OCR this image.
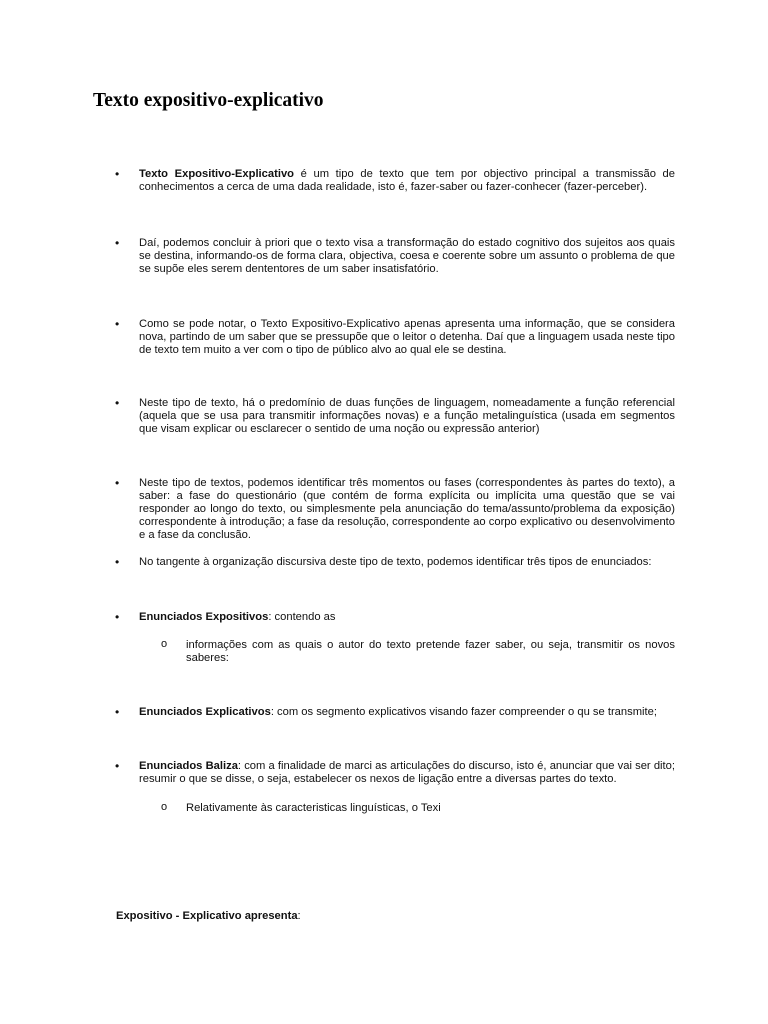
Texto expositivo-explicativo
•	Texto Expositivo-Explicativo é um tipo de texto que tem por objectivo principal a transmissão de conhecimentos a cerca de uma dada realidade, isto é, fazer-saber ou fazer-conhecer (fazer-perceber).
•	Daí, podemos concluir à priori que o texto visa a transformação do estado cognitivo dos sujeitos aos quais se destina, informando-os de forma clara, objectiva, coesa e coerente sobre um assunto o problema de que se supõe eles serem dententores de um saber insatisfatório.
•	Como se pode notar, o Texto Expositivo-Explicativo apenas apresenta uma informação, que se considera nova, partindo de um saber que se pressupõe que o leitor o detenha. Daí que a linguagem usada neste tipo de texto tem muito a ver com o tipo de público alvo ao qual ele se destina.
•	Neste tipo de texto, há o predomínio de duas funções de linguagem, nomeadamente a função referencial (aquela que se usa para transmitir informações novas) e a função metalinguística (usada em segmentos que visam explicar ou esclarecer o sentido de uma noção ou expressão anterior)
•	Neste tipo de textos, podemos identificar três momentos ou fases (correspondentes às partes do texto), a saber: a fase do questionário (que contém de forma explícita ou implícita uma questão que se vai responder ao longo do texto, ou simplesmente pela anunciação do tema/assunto/problema da exposição) correspondente à introdução; a fase da resolução, correspondente ao corpo explicativo ou desenvolvimento e a fase da conclusão.
•	No tangente à organização discursiva deste tipo de texto, podemos identificar três tipos de enunciados:
•	Enunciados Expositivos: contendo as
o informações com as quais o autor do texto pretende fazer saber, ou seja, transmitir os novos saberes:
•	Enunciados Explicativos: com os segmento explicativos visando fazer compreender o qu se transmite;
•	Enunciados Baliza: com a finalidade de marci as articulações do discurso, isto é, anunciar que vai ser dito; resumir o que se disse, o seja, estabelecer os nexos de ligação entre a diversas partes do texto.
o Relativamente às caracteristicas linguísticas, o Texi
Expositivo - Explicativo apresenta:
